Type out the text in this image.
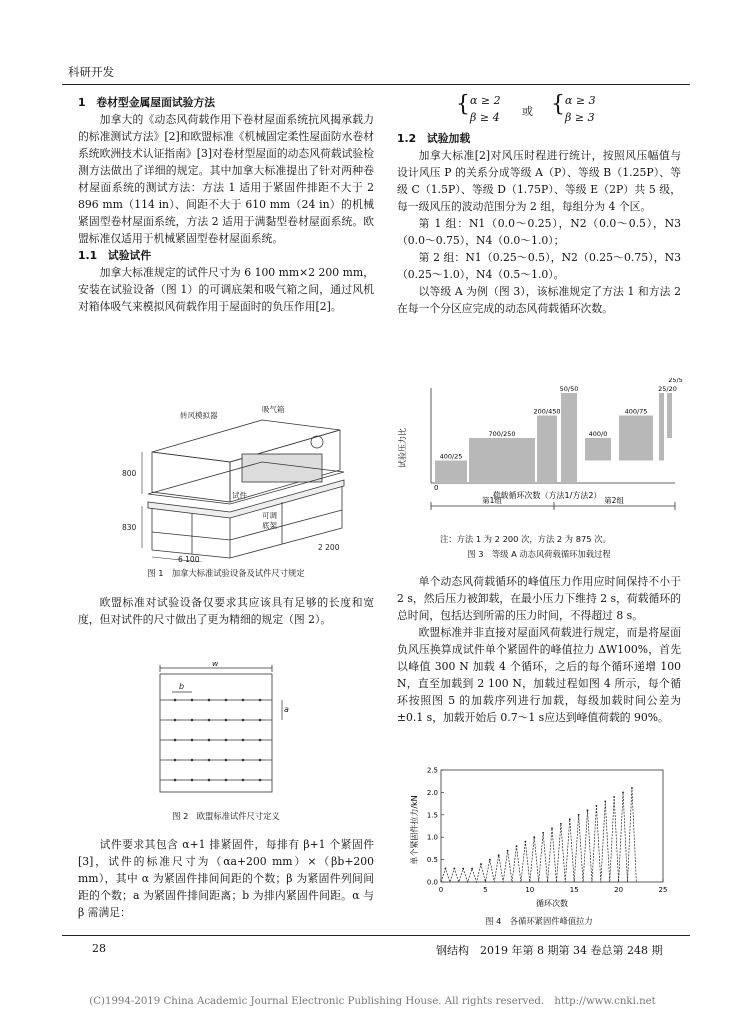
科研开发

1　卷材型金属屋面试验方法

加拿大的《动态风荷载作用下卷材屋面系统抗风揭承载力的标准测试方法》[2]和欧盟标准《机械固定柔性屋面防水卷材系统欧洲技术认证指南》[3]对卷材型屋面的动态风荷载试验检测方法做出了详细的规定。其中加拿大标准提出了针对两种卷材屋面系统的测试方法：方法 1 适用于紧固件排距不大于 2 896 mm（114 in）、间距不大于 610 mm（24 in）的机械紧固型卷材屋面系统，方法 2 适用于满黏型卷材屋面系统。欧盟标准仅适用于机械紧固型卷材屋面系统。

1.1　试验试件

加拿大标准规定的试件尺寸为 6 100 mm×2 200 mm，安装在试验设备（图 1）的可调底架和吸气箱之间，通过风机对箱体吸气来模拟风荷载作用于屋面时的负压作用[2]。

转风模拟器
吸气箱
试件
可调
底架
800
830
6 100
2 200
图 1　加拿大标准试验设备及试件尺寸规定

欧盟标准对试验设备仅要求其应该具有足够的长度和宽度，但对试件的尺寸做出了更为精细的规定（图 2）。

w
b
a
图 2　欧盟标准试件尺寸定义

试件要求其包含 α+1 排紧固件，每排有 β+1 个紧固件[3]，试件的标准尺寸为（αa+200 mm）×（βb+200 mm），其中 α 为紧固件排间间距的个数；β 为紧固件列间间距的个数；a 为紧固件排间距离；b 为排内紧固件间距。α 与 β 需满足：

{ α ≥ 2
β ≥ 4 或 { α ≥ 3
β ≥ 3

1.2　试验加载

加拿大标准[2]对风压时程进行统计，按照风压幅值与设计风压 P 的关系分成等级 A（P）、等级 B（1.25P）、等级 C（1.5P）、等级 D（1.75P）、等级 E（2P）共 5 级，每一级风压的波动范围分为 2 组，每组分为 4 个区。

第 1 组：N1（0.0～0.25），N2（0.0～0.5），N3（0.0～0.75），N4（0.0～1.0）；

第 2 组：N1（0.25～0.5），N2（0.25～0.75），N3（0.25～1.0），N4（0.5～1.0）。

以等级 A 为例（图 3），该标准规定了方法 1 和方法 2 在每一个分区应完成的动态风荷载循环次数。

试验压力比
0
荷载循环次数（方法1/方法2）
400/25
700/250
200/450
50/50
400/0
400/75
25/20
25/5
第1组	第2组
注：方法 1 为 2 200 次，方法 2 为 875 次。
图 3　等级 A 动态风荷载循环加载过程

单个动态风荷载循环的峰值压力作用应时间保持不小于 2 s，然后压力被卸载，在最小压力下维持 2 s，荷载循环的总时间，包括达到所需的压力时间，不得超过 8 s。

欧盟标准并非直接对屋面风荷载进行规定，而是将屋面负风压换算成试件单个紧固件的峰值拉力 ΔW100%，首先以峰值 300 N 加载 4 个循环，之后的每个循环递增 100 N，直至加载到 2 100 N，加载过程如图 4 所示，每个循环按照图 5 的加载序列进行加载，每级加载时间公差为±0.1 s，加载开始后 0.7～1 s应达到峰值荷载的 90%。

单个紧固件拉力/kN
0	5	10	15	20	25
0.0
0.5
1.0
1.5
2.0
2.5
循环次数
图 4　各循环紧固件峰值拉力
28	钢结构　2019 年第 8 期第 34 卷总第 248 期
(C)1994-2019 China Academic Journal Electronic Publishing House. All rights reserved.　http://www.cnki.net
